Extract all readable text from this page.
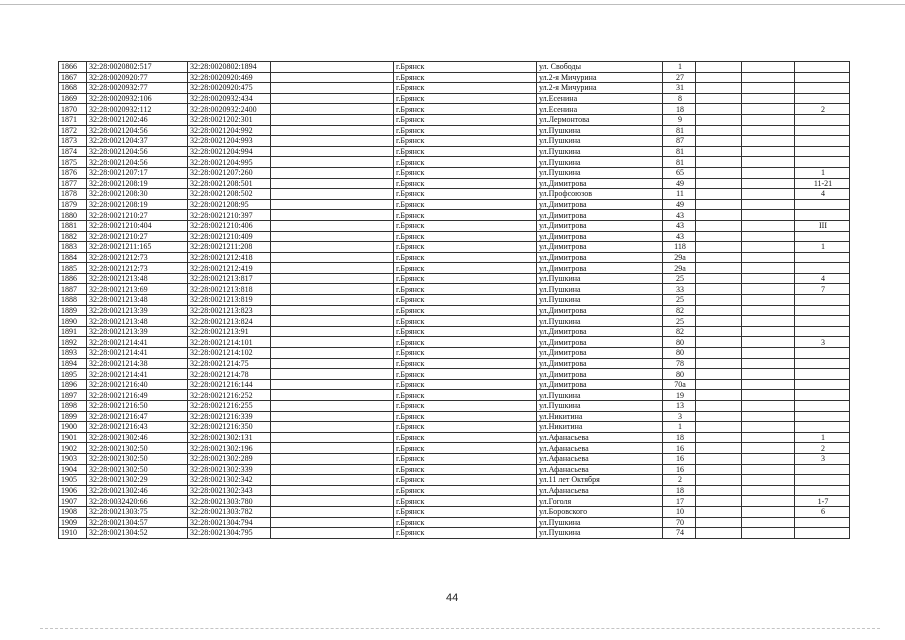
1866	32:28:0020802:517	32:28:0020802:1894		г.Брянск	ул. Свободы	1			
1867	32:28:0020920:77	32:28:0020920:469		г.Брянск	ул.2-я Мичурина	27			
1868	32:28:0020932:77	32:28:0020920:475		г.Брянск	ул.2-я Мичурина	31			
1869	32:28:0020932:106	32:28:0020932:434		г.Брянск	ул.Есенина	8			
1870	32:28:0020932:112	32:28:0020932:2400		г.Брянск	ул.Есенина	18			2
1871	32:28:0021202:46	32:28:0021202:301		г.Брянск	ул.Лермонтова	9			
1872	32:28:0021204:56	32:28:0021204:992		г.Брянск	ул.Пушкина	81			
1873	32:28:0021204:37	32:28:0021204:993		г.Брянск	ул.Пушкина	87			
1874	32:28:0021204:56	32:28:0021204:994		г.Брянск	ул.Пушкина	81			
1875	32:28:0021204:56	32:28:0021204:995		г.Брянск	ул.Пушкина	81			
1876	32:28:0021207:17	32:28:0021207:260		г.Брянск	ул.Пушкина	65			1
1877	32:28:0021208:19	32:28:0021208:501		г.Брянск	ул.Димитрова	49			11-21
1878	32:28:0021208:30	32:28:0021208:502		г.Брянск	ул.Профсоюзов	11			4
1879	32:28:0021208:19	32:28:0021208:95		г.Брянск	ул.Димитрова	49			
1880	32:28:0021210:27	32:28:0021210:397		г.Брянск	ул.Димитрова	43			
1881	32:28:0021210:404	32:28:0021210:406		г.Брянск	ул.Димитрова	43			III
1882	32:28:0021210:27	32:28:0021210:409		г.Брянск	ул.Димитрова	43			
1883	32:28:0021211:165	32:28:0021211:208		г.Брянск	ул.Димитрова	118			1
1884	32:28:0021212:73	32:28:0021212:418		г.Брянск	ул.Димитрова	29а			
1885	32:28:0021212:73	32:28:0021212:419		г.Брянск	ул.Димитрова	29а			
1886	32:28:0021213:48	32:28:0021213:817		г.Брянск	ул.Пушкина	25			4
1887	32:28:0021213:69	32:28:0021213:818		г.Брянск	ул.Пушкина	33			7
1888	32:28:0021213:48	32:28:0021213:819		г.Брянск	ул.Пушкина	25			
1889	32:28:0021213:39	32:28:0021213:823		г.Брянск	ул.Димитрова	82			
1890	32:28:0021213:48	32:28:0021213:824		г.Брянск	ул.Пушкина	25			
1891	32:28:0021213:39	32:28:0021213:91		г.Брянск	ул.Димитрова	82			
1892	32:28:0021214:41	32:28:0021214:101		г.Брянск	ул.Димитрова	80			3
1893	32:28:0021214:41	32:28:0021214:102		г.Брянск	ул.Димитрова	80			
1894	32:28:0021214:38	32:28:0021214:75		г.Брянск	ул.Димитрова	78			
1895	32:28:0021214:41	32:28:0021214:78		г.Брянск	ул.Димитрова	80			
1896	32:28:0021216:40	32:28:0021216:144		г.Брянск	ул.Димитрова	70а			
1897	32:28:0021216:49	32:28:0021216:252		г.Брянск	ул.Пушкина	19			
1898	32:28:0021216:50	32:28:0021216:255		г.Брянск	ул.Пушкина	13			
1899	32:28:0021216:47	32:28:0021216:339		г.Брянск	ул.Никитина	3			
1900	32:28:0021216:43	32:28:0021216:350		г.Брянск	ул.Никитина	1			
1901	32:28:0021302:46	32:28:0021302:131		г.Брянск	ул.Афанасьева	18			1
1902	32:28:0021302:50	32:28:0021302:196		г.Брянск	ул.Афанасьева	16			2
1903	32:28:0021302:50	32:28:0021302:289		г.Брянск	ул.Афанасьева	16			3
1904	32:28:0021302:50	32:28:0021302:339		г.Брянск	ул.Афанасьева	16			
1905	32:28:0021302:29	32:28:0021302:342		г.Брянск	ул.11 лет Октября	2			
1906	32:28:0021302:46	32:28:0021302:343		г.Брянск	ул.Афанасьева	18			
1907	32:28:0032420:66	32:28:0021303:780		г.Брянск	ул.Гоголя	17			1-7
1908	32:28:0021303:75	32:28:0021303:782		г.Брянск	ул.Боровского	10			6
1909	32:28:0021304:57	32:28:0021304:794		г.Брянск	ул.Пушкина	70			
1910	32:28:0021304:52	32:28:0021304:795		г.Брянск	ул.Пушкина	74			
44
